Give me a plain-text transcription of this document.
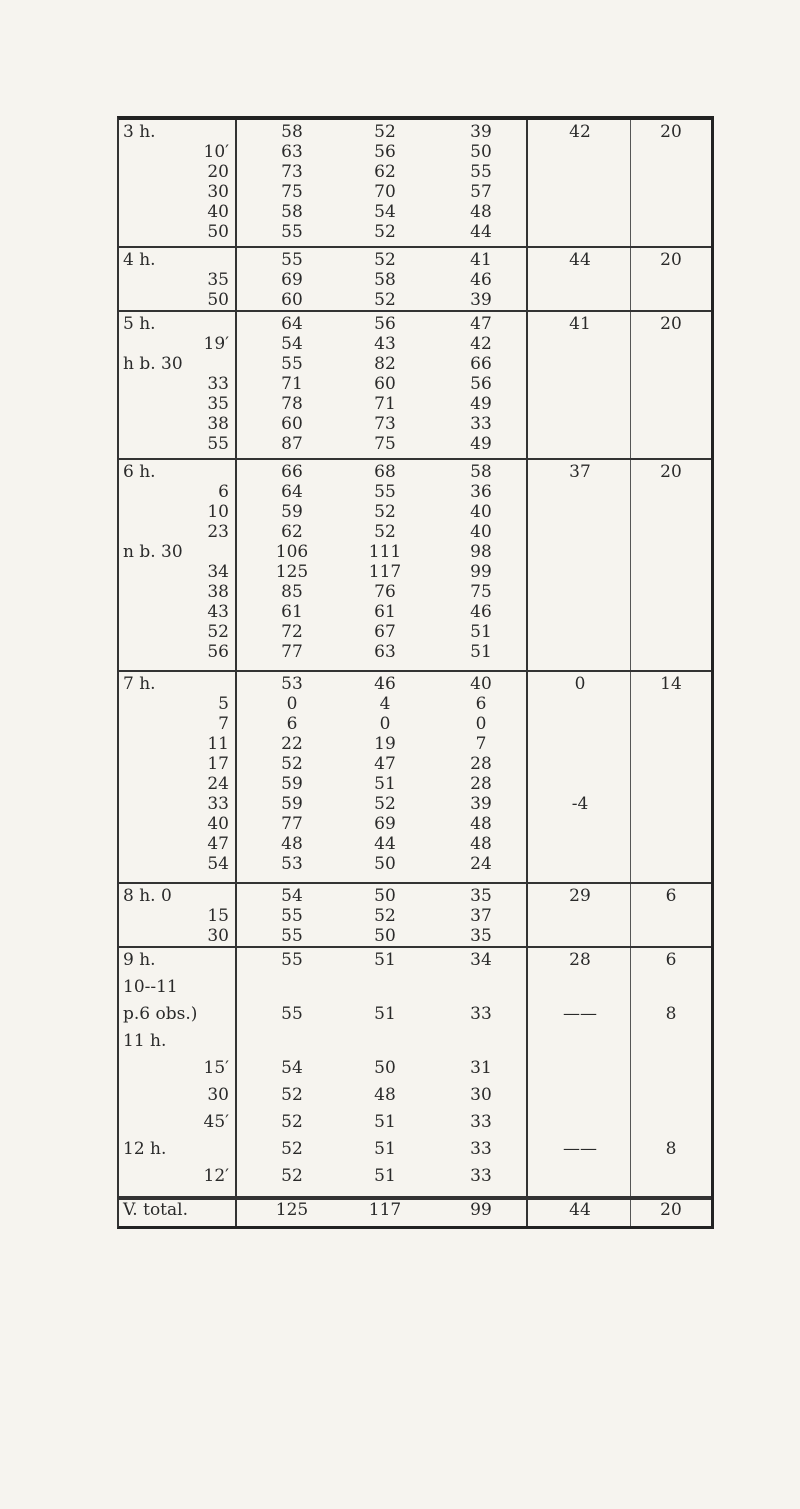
3 h.	58	52	39	42	20
10′	63	56	50
20	73	62	55
30	75	70	57
40	58	54	48
50	55	52	44
4 h.	55	52	41	44	20
35	69	58	46
50	60	52	39
5 h.	64	56	47	41	20
19′	54	43	42
h b. 30	55	82	66
33	71	60	56
35	78	71	49
38	60	73	33
55	87	75	49
6 h.	66	68	58	37	20
6	64	55	36
10	59	52	40
23	62	52	40
n b. 30	106	111	98
34	125	117	99
38	85	76	75
43	61	61	46
52	72	67	51
56	77	63	51
7 h.	53	46	40	0	14
5	0	4	6
7	6	0	0
11	22	19	7
17	52	47	28
24	59	51	28
33	59	52	39	-4
40	77	69	48
47	48	44	48
54	53	50	24
8 h. 0	54	50	35	29	6
15	55	52	37
30	55	50	35
9 h.	55	51	34	28	6
10--11
p.6 obs.)	55	51	33	——	8
11 h.
15′	54	50	31
30	52	48	30
45′	52	51	33
12 h.	52	51	33	——	8
12′	52	51	33
V. total.	125	117	99	44	20
